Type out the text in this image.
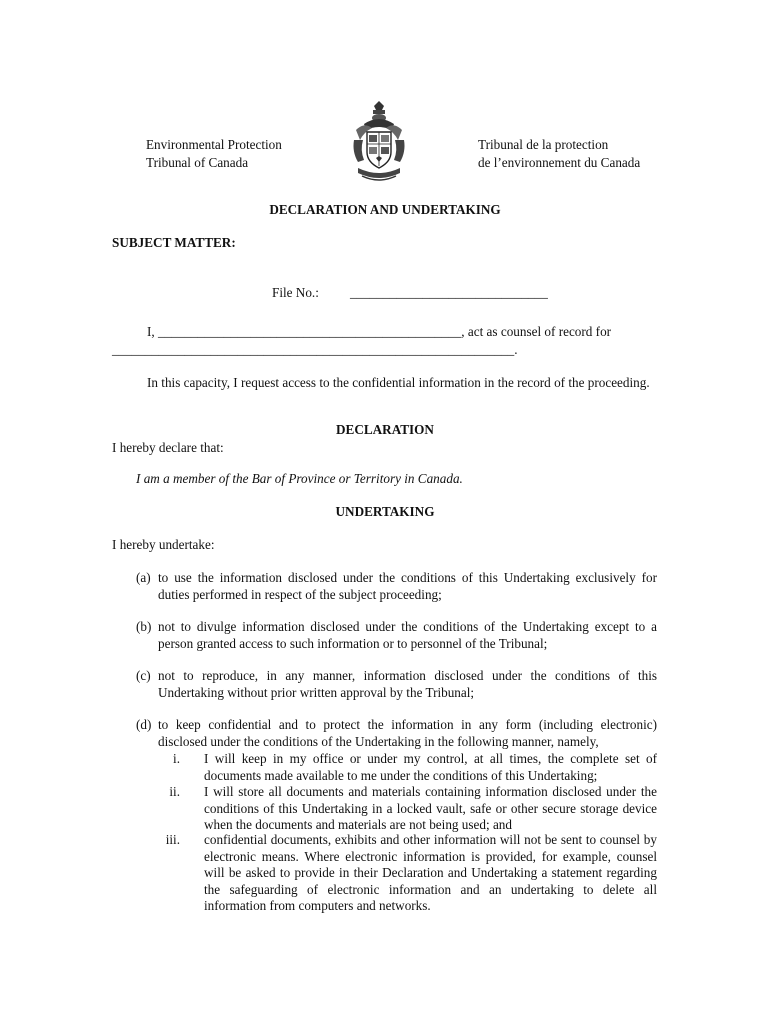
Environmental Protection
Tribunal of Canada
Tribunal de la protection
de l’environnement du Canada
DECLARATION AND UNDERTAKING
SUBJECT MATTER:
File No.: ______________________________
I, ______________________________________________, act as counsel of record for
_____________________________________________________________.
In this capacity, I request access to the confidential information in the record of the proceeding.
DECLARATION
I hereby declare that:
I am a member of the Bar of Province or Territory in Canada.
UNDERTAKING
I hereby undertake:
(a) to use the information disclosed under the conditions of this Undertaking exclusively for duties performed in respect of the subject proceeding;
(b) not to divulge information disclosed under the conditions of the Undertaking except to a person granted access to such information or to personnel of the Tribunal;
(c) not to reproduce, in any manner, information disclosed under the conditions of this Undertaking without prior written approval by the Tribunal;
(d) to keep confidential and to protect the information in any form (including electronic) disclosed under the conditions of the Undertaking in the following manner, namely,
i. I will keep in my office or under my control, at all times, the complete set of documents made available to me under the conditions of this Undertaking;
ii. I will store all documents and materials containing information disclosed under the conditions of this Undertaking in a locked vault, safe or other secure storage device when the documents and materials are not being used; and
iii. confidential documents, exhibits and other information will not be sent to counsel by electronic means. Where electronic information is provided, for example, counsel will be asked to provide in their Declaration and Undertaking a statement regarding the safeguarding of electronic information and an undertaking to delete all information from computers and networks.
